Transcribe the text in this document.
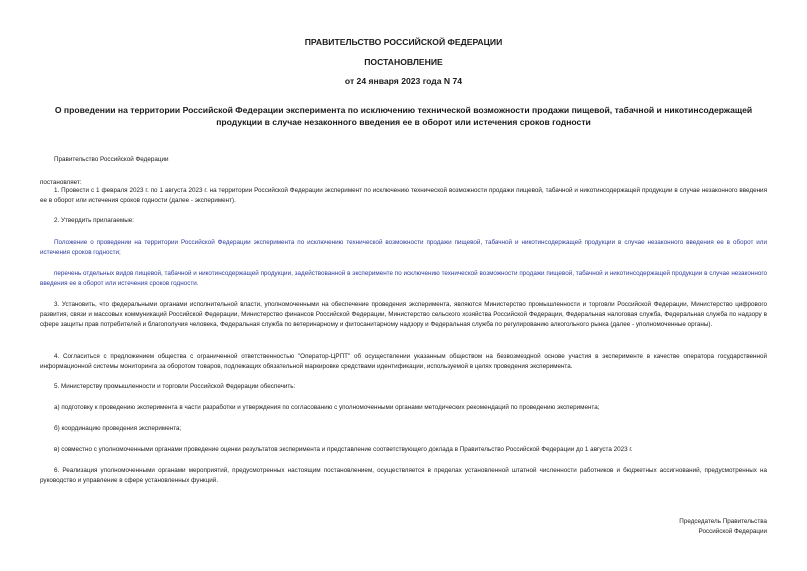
ПРАВИТЕЛЬСТВО РОССИЙСКОЙ ФЕДЕРАЦИИ
ПОСТАНОВЛЕНИЕ
от 24 января 2023 года N 74
О проведении на территории Российской Федерации эксперимента по исключению технической возможности продажи пищевой, табачной и никотинсодержащей продукции в случае незаконного введения ее в оборот или истечения сроков годности
Правительство Российской Федерации
постановляет:
1. Провести с 1 февраля 2023 г. по 1 августа 2023 г. на территории Российской Федерации эксперимент по исключению технической возможности продажи пищевой, табачной и никотинсодержащей продукции в случае незаконного введения ее в оборот или истечения сроков годности (далее - эксперимент).
2. Утвердить прилагаемые:
Положение о проведении на территории Российской Федерации эксперимента по исключению технической возможности продажи пищевой, табачной и никотинсодержащей продукции в случае незаконного введения ее в оборот или истечения сроков годности;
перечень отдельных видов пищевой, табачной и никотинсодержащей продукции, задействованной в эксперименте по исключению технической возможности продажи пищевой, табачной и никотинсодержащей продукции в случае незаконного введения ее в оборот или истечения сроков годности.
3. Установить, что федеральными органами исполнительной власти, уполномоченными на обеспечение проведения эксперимента, являются Министерство промышленности и торговли Российской Федерации, Министерство цифрового развития, связи и массовых коммуникаций Российской Федерации, Министерство финансов Российской Федерации, Министерство сельского хозяйства Российской Федерации, Федеральная налоговая служба, Федеральная служба по надзору в сфере защиты прав потребителей и благополучия человека, Федеральная служба по ветеринарному и фитосанитарному надзору и Федеральная служба по регулированию алкогольного рынка (далее - уполномоченные органы).
4. Согласиться с предложением общества с ограниченной ответственностью "Оператор-ЦРПТ" об осуществлении указанным обществом на безвозмездной основе участия в эксперименте в качестве оператора государственной информационной системы мониторинга за оборотом товаров, подлежащих обязательной маркировке средствами идентификации, используемой в целях проведения эксперимента.
5. Министерству промышленности и торговли Российской Федерации обеспечить:
а) подготовку к проведению эксперимента в части разработки и утверждения по согласованию с уполномоченными органами методических рекомендаций по проведению эксперимента;
б) координацию проведения эксперимента;
в) совместно с уполномоченными органами проведение оценки результатов эксперимента и представление соответствующего доклада в Правительство Российской Федерации до 1 августа 2023 г.
6. Реализация уполномоченными органами мероприятий, предусмотренных настоящим постановлением, осуществляется в пределах установленной штатной численности работников и бюджетных ассигнований, предусмотренных на руководство и управление в сфере установленных функций.
Председатель Правительства
Российской Федерации
